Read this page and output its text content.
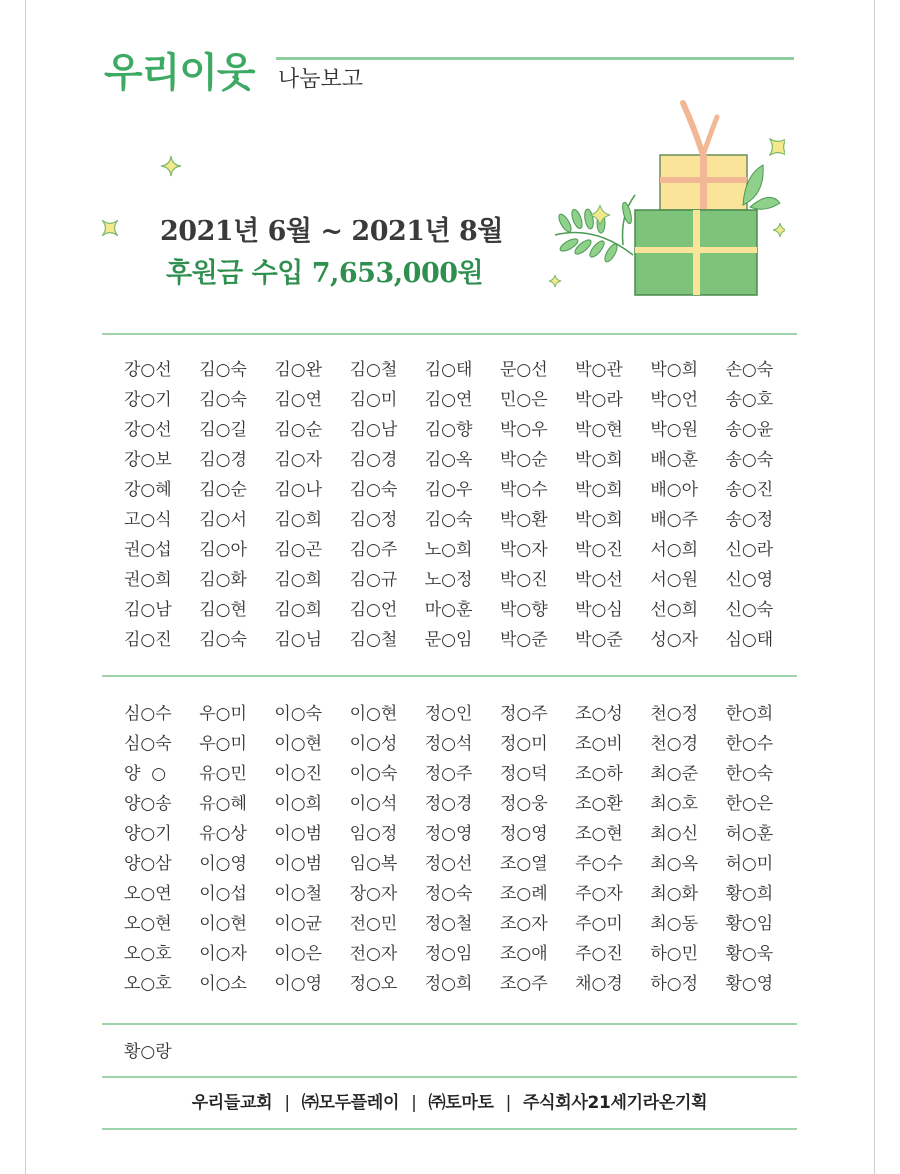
우리이웃 나눔보고
2021년 6월 ~ 2021년 8월
후원금 수입 7,653,000원
강○선	김○숙	김○완	김○철	김○태	문○선	박○관	박○희	손○숙
강○기	김○숙	김○연	김○미	김○연	민○은	박○라	박○언	송○호
강○선	김○길	김○순	김○남	김○향	박○우	박○현	박○원	송○윤
강○보	김○경	김○자	김○경	김○옥	박○순	박○희	배○훈	송○숙
강○혜	김○순	김○나	김○숙	김○우	박○수	박○희	배○아	송○진
고○식	김○서	김○희	김○정	김○숙	박○환	박○희	배○주	송○정
권○섭	김○아	김○곤	김○주	노○희	박○자	박○진	서○희	신○라
권○희	김○화	김○희	김○규	노○정	박○진	박○선	서○원	신○영
김○남	김○현	김○희	김○언	마○훈	박○향	박○심	선○희	신○숙
김○진	김○숙	김○님	김○철	문○임	박○준	박○준	성○자	심○태
심○수	우○미	이○숙	이○현	정○인	정○주	조○성	천○정	한○희
심○숙	우○미	이○현	이○성	정○석	정○미	조○비	천○경	한○수
양  ○	유○민	이○진	이○숙	정○주	정○덕	조○하	최○준	한○숙
양○송	유○혜	이○희	이○석	정○경	정○웅	조○환	최○호	한○은
양○기	유○상	이○범	임○정	정○영	정○영	조○현	최○신	허○훈
양○삼	이○영	이○범	임○복	정○선	조○열	주○수	최○옥	허○미
오○연	이○섭	이○철	장○자	정○숙	조○례	주○자	최○화	황○희
오○현	이○현	이○균	전○민	정○철	조○자	주○미	최○동	황○임
오○호	이○자	이○은	전○자	정○임	조○애	주○진	하○민	황○욱
오○호	이○소	이○영	정○오	정○희	조○주	채○경	하○정	황○영
황○랑
우리들교회 | ㈜모두플레이 | ㈜토마토 | 주식회사21세기라온기획
